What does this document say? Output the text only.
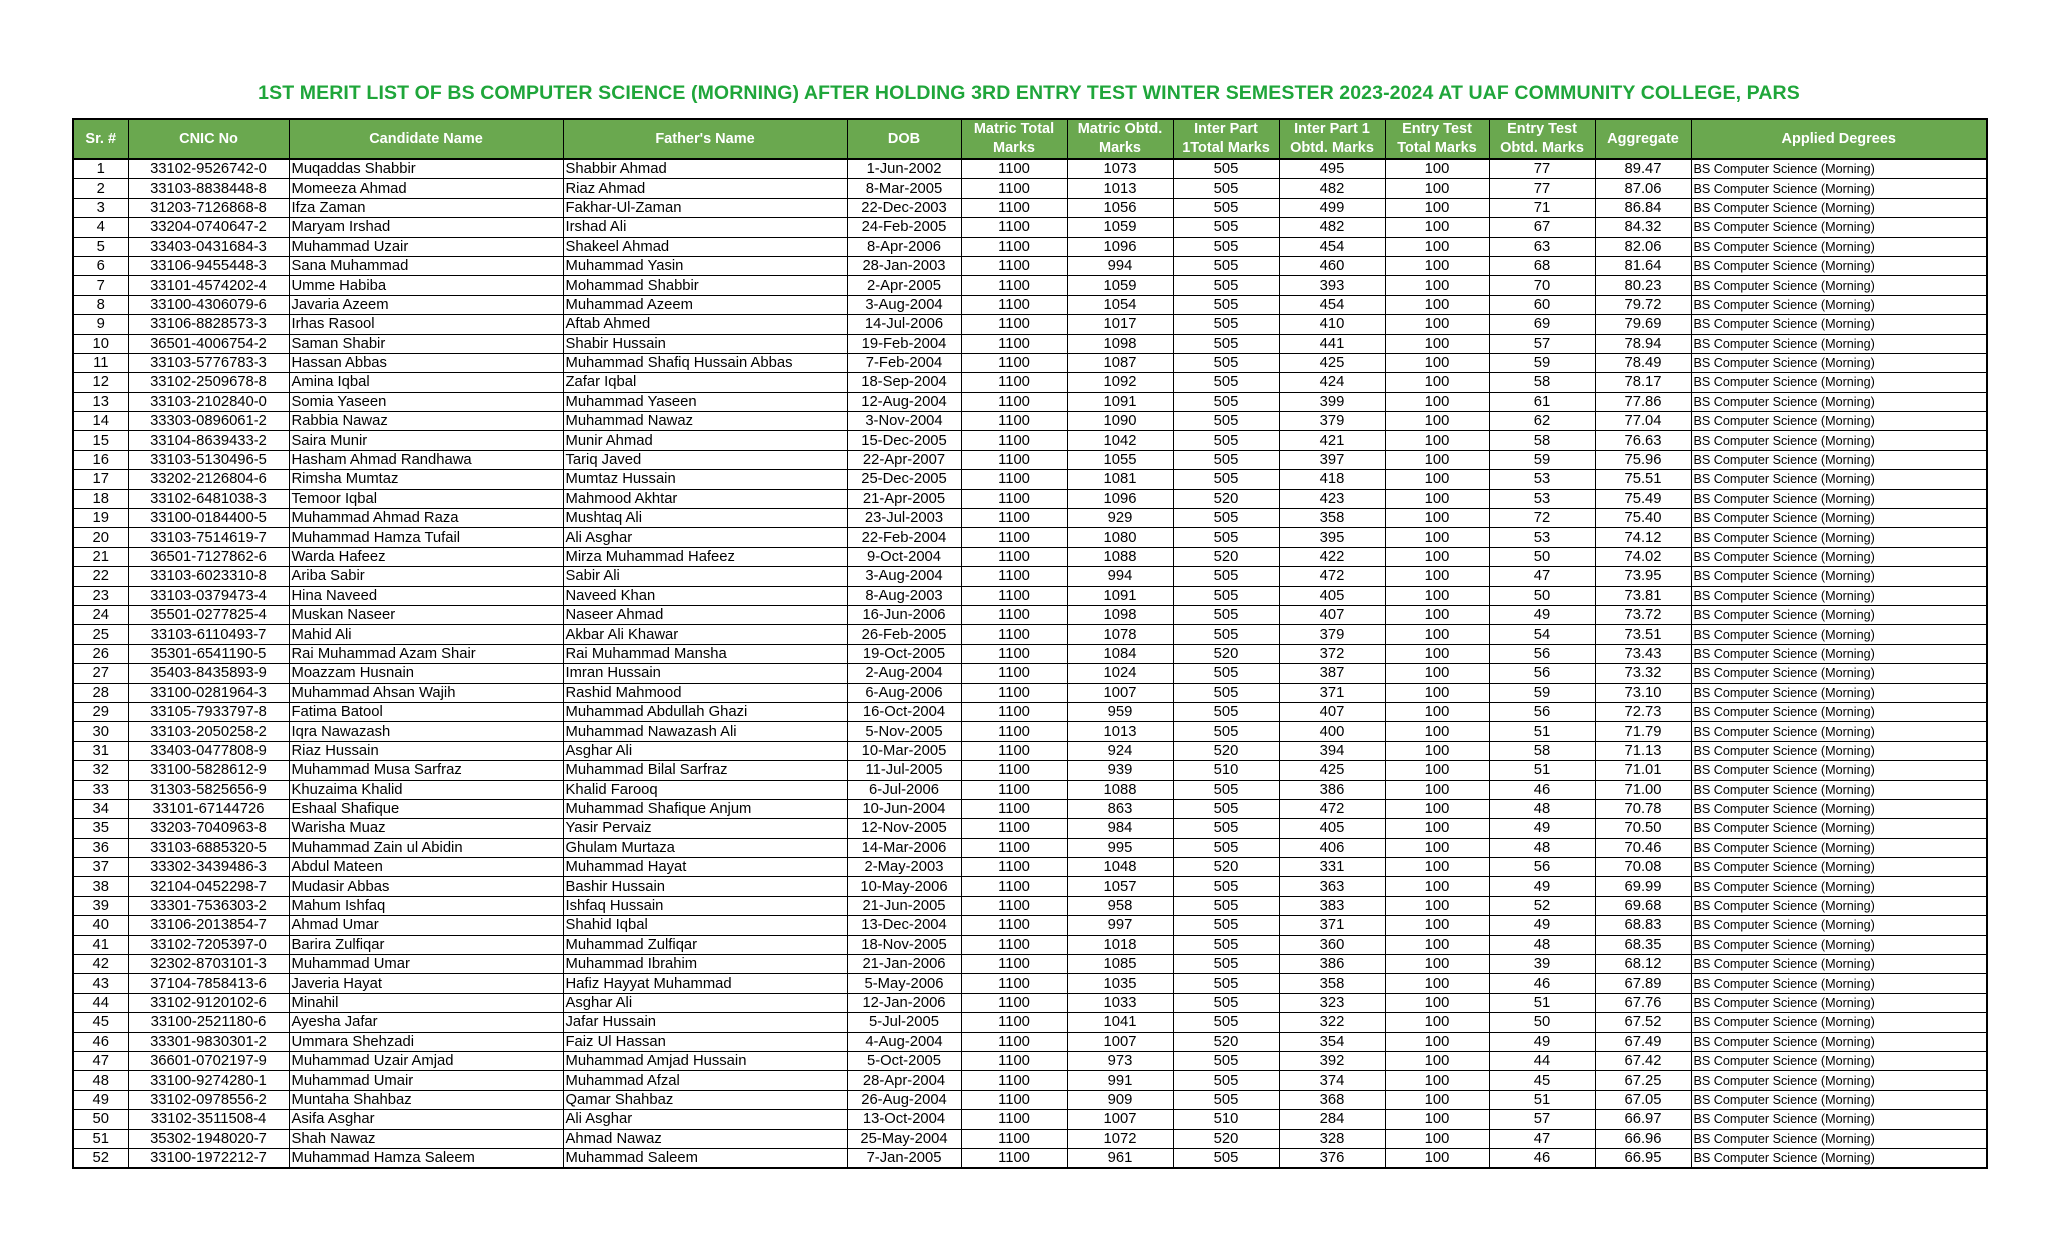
1ST MERIT LIST OF BS COMPUTER SCIENCE (MORNING) AFTER HOLDING 3RD ENTRY TEST WINTER SEMESTER 2023-2024 AT UAF COMMUNITY COLLEGE, PARS
Sr. #	CNIC No	Candidate Name	Father's Name	DOB	Matric Total
Marks	Matric Obtd.
Marks	Inter Part
1Total Marks	Inter Part 1
Obtd. Marks	Entry Test
Total Marks	Entry Test
Obtd. Marks	Aggregate	Applied Degrees
1	33102-9526742-0	Muqaddas Shabbir	Shabbir Ahmad	1-Jun-2002	1100	1073	505	495	100	77	89.47	BS Computer Science (Morning)
2	33103-8838448-8	Momeeza Ahmad	Riaz Ahmad	8-Mar-2005	1100	1013	505	482	100	77	87.06	BS Computer Science (Morning)
3	31203-7126868-8	Ifza Zaman	Fakhar-Ul-Zaman	22-Dec-2003	1100	1056	505	499	100	71	86.84	BS Computer Science (Morning)
4	33204-0740647-2	Maryam Irshad	Irshad Ali	24-Feb-2005	1100	1059	505	482	100	67	84.32	BS Computer Science (Morning)
5	33403-0431684-3	Muhammad Uzair	Shakeel Ahmad	8-Apr-2006	1100	1096	505	454	100	63	82.06	BS Computer Science (Morning)
6	33106-9455448-3	Sana Muhammad	Muhammad Yasin	28-Jan-2003	1100	994	505	460	100	68	81.64	BS Computer Science (Morning)
7	33101-4574202-4	Umme Habiba	Mohammad Shabbir	2-Apr-2005	1100	1059	505	393	100	70	80.23	BS Computer Science (Morning)
8	33100-4306079-6	Javaria Azeem	Muhammad Azeem	3-Aug-2004	1100	1054	505	454	100	60	79.72	BS Computer Science (Morning)
9	33106-8828573-3	Irhas Rasool	Aftab Ahmed	14-Jul-2006	1100	1017	505	410	100	69	79.69	BS Computer Science (Morning)
10	36501-4006754-2	Saman Shabir	Shabir Hussain	19-Feb-2004	1100	1098	505	441	100	57	78.94	BS Computer Science (Morning)
11	33103-5776783-3	Hassan Abbas	Muhammad Shafiq Hussain Abbas	7-Feb-2004	1100	1087	505	425	100	59	78.49	BS Computer Science (Morning)
12	33102-2509678-8	Amina Iqbal	Zafar Iqbal	18-Sep-2004	1100	1092	505	424	100	58	78.17	BS Computer Science (Morning)
13	33103-2102840-0	Somia Yaseen	Muhammad Yaseen	12-Aug-2004	1100	1091	505	399	100	61	77.86	BS Computer Science (Morning)
14	33303-0896061-2	Rabbia Nawaz	Muhammad Nawaz	3-Nov-2004	1100	1090	505	379	100	62	77.04	BS Computer Science (Morning)
15	33104-8639433-2	Saira Munir	Munir Ahmad	15-Dec-2005	1100	1042	505	421	100	58	76.63	BS Computer Science (Morning)
16	33103-5130496-5	Hasham Ahmad Randhawa	Tariq Javed	22-Apr-2007	1100	1055	505	397	100	59	75.96	BS Computer Science (Morning)
17	33202-2126804-6	Rimsha Mumtaz	Mumtaz Hussain	25-Dec-2005	1100	1081	505	418	100	53	75.51	BS Computer Science (Morning)
18	33102-6481038-3	Temoor Iqbal	Mahmood Akhtar	21-Apr-2005	1100	1096	520	423	100	53	75.49	BS Computer Science (Morning)
19	33100-0184400-5	Muhammad Ahmad Raza	Mushtaq Ali	23-Jul-2003	1100	929	505	358	100	72	75.40	BS Computer Science (Morning)
20	33103-7514619-7	Muhammad Hamza Tufail	Ali Asghar	22-Feb-2004	1100	1080	505	395	100	53	74.12	BS Computer Science (Morning)
21	36501-7127862-6	Warda Hafeez	Mirza Muhammad Hafeez	9-Oct-2004	1100	1088	520	422	100	50	74.02	BS Computer Science (Morning)
22	33103-6023310-8	Ariba Sabir	Sabir Ali	3-Aug-2004	1100	994	505	472	100	47	73.95	BS Computer Science (Morning)
23	33103-0379473-4	Hina Naveed	Naveed Khan	8-Aug-2003	1100	1091	505	405	100	50	73.81	BS Computer Science (Morning)
24	35501-0277825-4	Muskan Naseer	Naseer Ahmad	16-Jun-2006	1100	1098	505	407	100	49	73.72	BS Computer Science (Morning)
25	33103-6110493-7	Mahid Ali	Akbar Ali Khawar	26-Feb-2005	1100	1078	505	379	100	54	73.51	BS Computer Science (Morning)
26	35301-6541190-5	Rai Muhammad Azam Shair	Rai Muhammad Mansha	19-Oct-2005	1100	1084	520	372	100	56	73.43	BS Computer Science (Morning)
27	35403-8435893-9	Moazzam Husnain	Imran Hussain	2-Aug-2004	1100	1024	505	387	100	56	73.32	BS Computer Science (Morning)
28	33100-0281964-3	Muhammad Ahsan Wajih	Rashid Mahmood	6-Aug-2006	1100	1007	505	371	100	59	73.10	BS Computer Science (Morning)
29	33105-7933797-8	Fatima Batool	Muhammad Abdullah Ghazi	16-Oct-2004	1100	959	505	407	100	56	72.73	BS Computer Science (Morning)
30	33103-2050258-2	Iqra Nawazash	Muhammad Nawazash Ali	5-Nov-2005	1100	1013	505	400	100	51	71.79	BS Computer Science (Morning)
31	33403-0477808-9	Riaz Hussain	Asghar Ali	10-Mar-2005	1100	924	520	394	100	58	71.13	BS Computer Science (Morning)
32	33100-5828612-9	Muhammad Musa Sarfraz	Muhammad Bilal Sarfraz	11-Jul-2005	1100	939	510	425	100	51	71.01	BS Computer Science (Morning)
33	31303-5825656-9	Khuzaima Khalid	Khalid Farooq	6-Jul-2006	1100	1088	505	386	100	46	71.00	BS Computer Science (Morning)
34	33101-67144726	Eshaal Shafique	Muhammad Shafique Anjum	10-Jun-2004	1100	863	505	472	100	48	70.78	BS Computer Science (Morning)
35	33203-7040963-8	Warisha Muaz	Yasir Pervaiz	12-Nov-2005	1100	984	505	405	100	49	70.50	BS Computer Science (Morning)
36	33103-6885320-5	Muhammad Zain ul Abidin	Ghulam Murtaza	14-Mar-2006	1100	995	505	406	100	48	70.46	BS Computer Science (Morning)
37	33302-3439486-3	Abdul Mateen	Muhammad Hayat	2-May-2003	1100	1048	520	331	100	56	70.08	BS Computer Science (Morning)
38	32104-0452298-7	Mudasir Abbas	Bashir Hussain	10-May-2006	1100	1057	505	363	100	49	69.99	BS Computer Science (Morning)
39	33301-7536303-2	Mahum Ishfaq	Ishfaq Hussain	21-Jun-2005	1100	958	505	383	100	52	69.68	BS Computer Science (Morning)
40	33106-2013854-7	Ahmad Umar	Shahid Iqbal	13-Dec-2004	1100	997	505	371	100	49	68.83	BS Computer Science (Morning)
41	33102-7205397-0	Barira Zulfiqar	Muhammad Zulfiqar	18-Nov-2005	1100	1018	505	360	100	48	68.35	BS Computer Science (Morning)
42	32302-8703101-3	Muhammad Umar	Muhammad Ibrahim	21-Jan-2006	1100	1085	505	386	100	39	68.12	BS Computer Science (Morning)
43	37104-7858413-6	Javeria Hayat	Hafiz Hayyat Muhammad	5-May-2006	1100	1035	505	358	100	46	67.89	BS Computer Science (Morning)
44	33102-9120102-6	Minahil	Asghar Ali	12-Jan-2006	1100	1033	505	323	100	51	67.76	BS Computer Science (Morning)
45	33100-2521180-6	Ayesha Jafar	Jafar Hussain	5-Jul-2005	1100	1041	505	322	100	50	67.52	BS Computer Science (Morning)
46	33301-9830301-2	Ummara Shehzadi	Faiz Ul Hassan	4-Aug-2004	1100	1007	520	354	100	49	67.49	BS Computer Science (Morning)
47	36601-0702197-9	Muhammad Uzair Amjad	Muhammad Amjad Hussain	5-Oct-2005	1100	973	505	392	100	44	67.42	BS Computer Science (Morning)
48	33100-9274280-1	Muhammad Umair	Muhammad Afzal	28-Apr-2004	1100	991	505	374	100	45	67.25	BS Computer Science (Morning)
49	33102-0978556-2	Muntaha Shahbaz	Qamar Shahbaz	26-Aug-2004	1100	909	505	368	100	51	67.05	BS Computer Science (Morning)
50	33102-3511508-4	Asifa Asghar	Ali Asghar	13-Oct-2004	1100	1007	510	284	100	57	66.97	BS Computer Science (Morning)
51	35302-1948020-7	Shah Nawaz	Ahmad Nawaz	25-May-2004	1100	1072	520	328	100	47	66.96	BS Computer Science (Morning)
52	33100-1972212-7	Muhammad Hamza Saleem	Muhammad Saleem	7-Jan-2005	1100	961	505	376	100	46	66.95	BS Computer Science (Morning)
